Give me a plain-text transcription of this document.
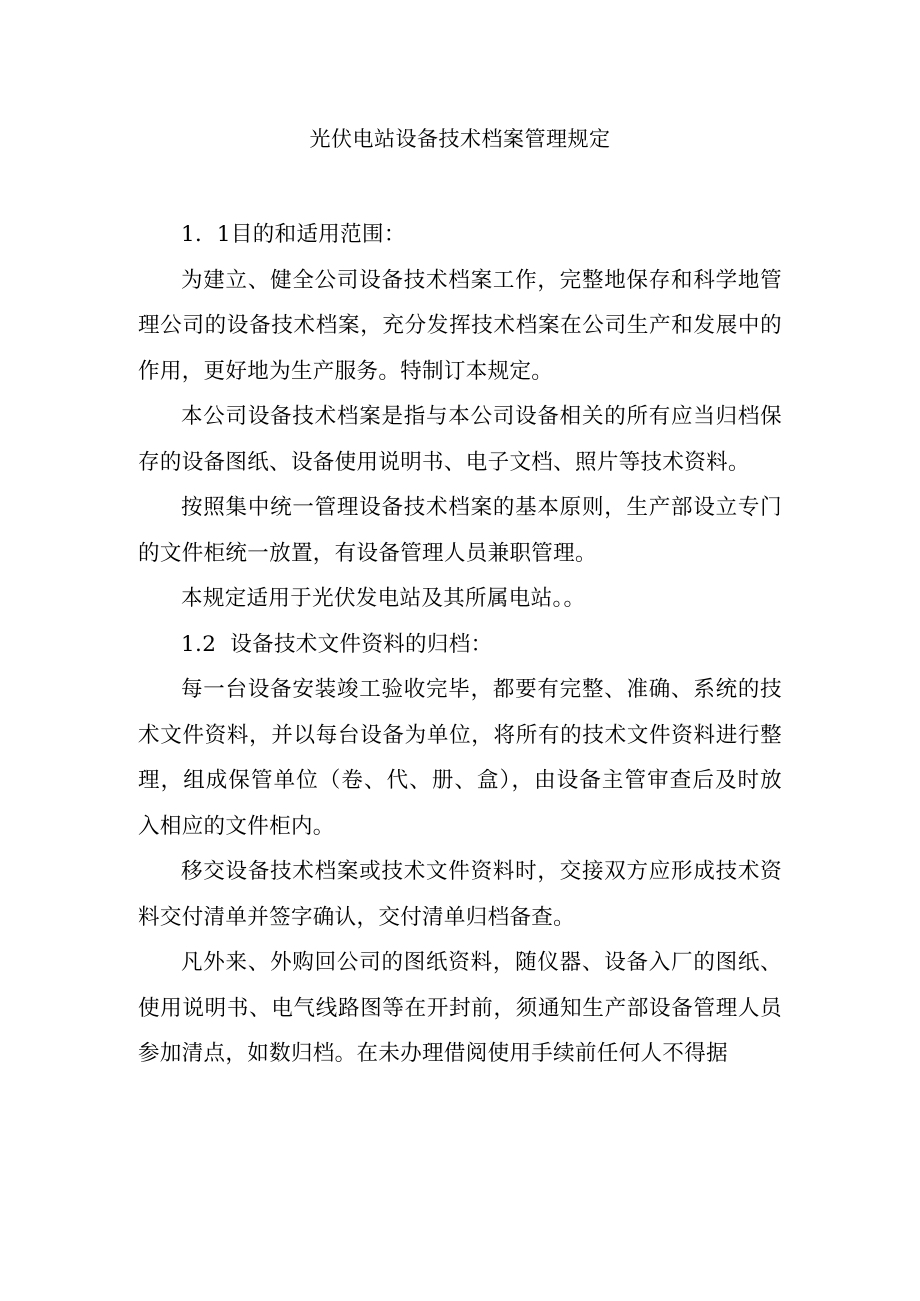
光伏电站设备技术档案管理规定

1．1目的和适用范围：

为建立、健全公司设备技术档案工作，完整地保存和科学地管理公司的设备技术档案，充分发挥技术档案在公司生产和发展中的作用，更好地为生产服务。特制订本规定。

本公司设备技术档案是指与本公司设备相关的所有应当归档保存的设备图纸、设备使用说明书、电子文档、照片等技术资料。

按照集中统一管理设备技术档案的基本原则，生产部设立专门的文件柜统一放置，有设备管理人员兼职管理。

本规定适用于光伏发电站及其所属电站。。

1.2 设备技术文件资料的归档：

每一台设备安装竣工验收完毕，都要有完整、准确、系统的技术文件资料，并以每台设备为单位，将所有的技术文件资料进行整理，组成保管单位（卷、代、册、盒），由设备主管审查后及时放入相应的文件柜内。

移交设备技术档案或技术文件资料时，交接双方应形成技术资料交付清单并签字确认，交付清单归档备查。

凡外来、外购回公司的图纸资料，随仪器、设备入厂的图纸、使用说明书、电气线路图等在开封前，须通知生产部设备管理人员参加清点，如数归档。在未办理借阅使用手续前任何人不得据
